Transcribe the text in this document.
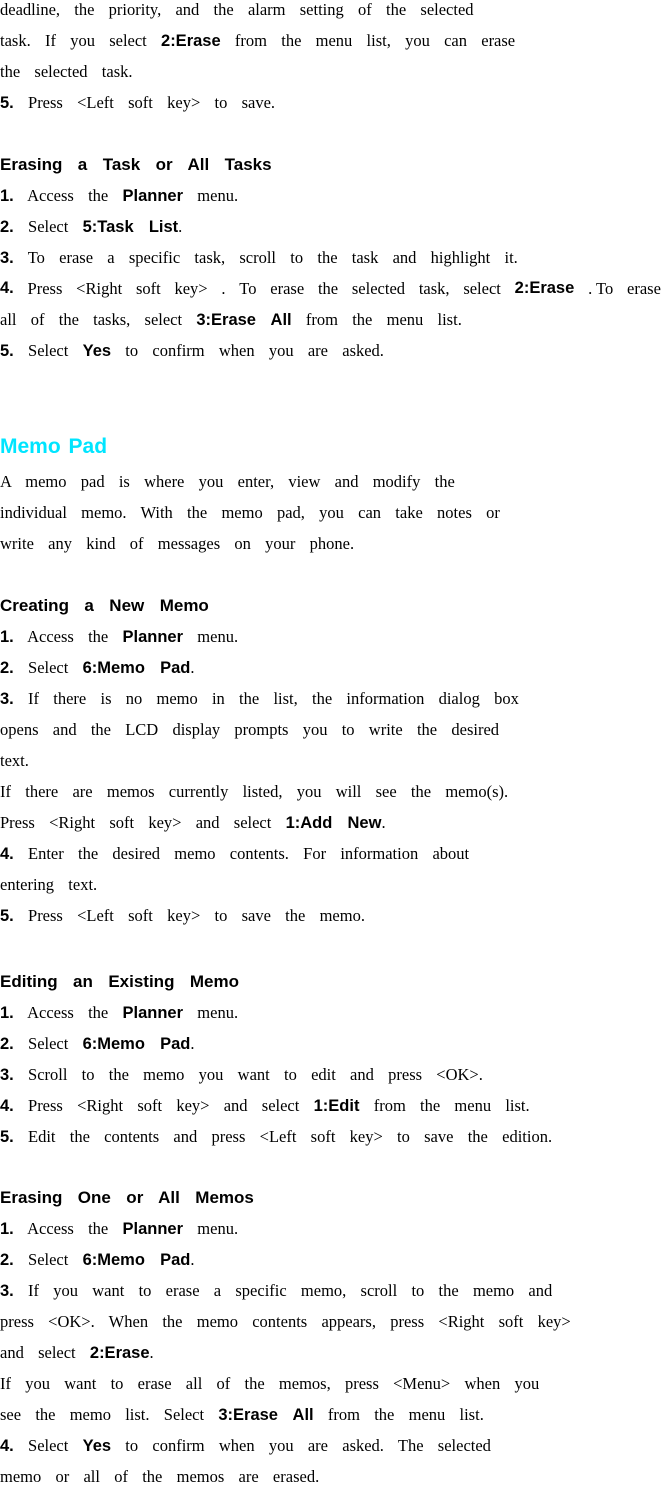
Memo Pad
deadline,  the  priority,  and  the  alarm  setting  of  the  selected
task.  If  you  select  2:Erase  from  the  menu  list,  you  can  erase
the  selected  task.
5.  Press  <Left  soft  key>  to  save.
Erasing  a  Task  or  All  Tasks
1.  Access  the  Planner  menu.
2.  Select  5:Task  List.
3.  To  erase  a  specific  task,  scroll  to  the  task  and  highlight  it.
4. Press <Right soft key> . To erase the selected task, select 2:Erase . To erase
all  of  the  tasks,  select  3:Erase  All  from  the  menu  list.
5.  Select  Yes  to  confirm  when  you  are  asked.
A  memo  pad  is  where  you  enter,  view  and  modify  the
individual  memo.  With  the  memo  pad,  you  can  take  notes  or
write  any  kind  of  messages  on  your  phone.
Creating  a  New  Memo
1.  Access  the  Planner  menu.
2.  Select  6:Memo  Pad.
3.  If  there  is  no  memo  in  the  list,  the  information  dialog  box
opens  and  the  LCD  display  prompts  you  to  write  the  desired
text.
If  there  are  memos  currently  listed,  you  will  see  the  memo(s).
Press  <Right  soft  key>  and  select  1:Add  New.
4.  Enter  the  desired  memo  contents.  For  information  about
entering  text.
5.  Press  <Left  soft  key>  to  save  the  memo.
Editing  an  Existing  Memo
1.  Access  the  Planner  menu.
2.  Select  6:Memo  Pad.
3.  Scroll  to  the  memo  you  want  to  edit  and  press  <OK>.
4.  Press  <Right  soft  key>  and  select  1:Edit  from  the  menu  list.
5.  Edit  the  contents  and  press  <Left  soft  key>  to  save  the  edition.
Erasing  One  or  All  Memos
1.  Access  the  Planner  menu.
2.  Select  6:Memo  Pad.
3.  If  you  want  to  erase  a  specific  memo,  scroll  to  the  memo  and
press  <OK>.  When  the  memo  contents  appears,  press  <Right  soft  key>
and  select  2:Erase.
If  you  want  to  erase  all  of  the  memos,  press  <Menu>  when  you
see  the  memo  list.  Select  3:Erase  All  from  the  menu  list.
4.  Select  Yes  to  confirm  when  you  are  asked.  The  selected
memo  or  all  of  the  memos  are  erased.
